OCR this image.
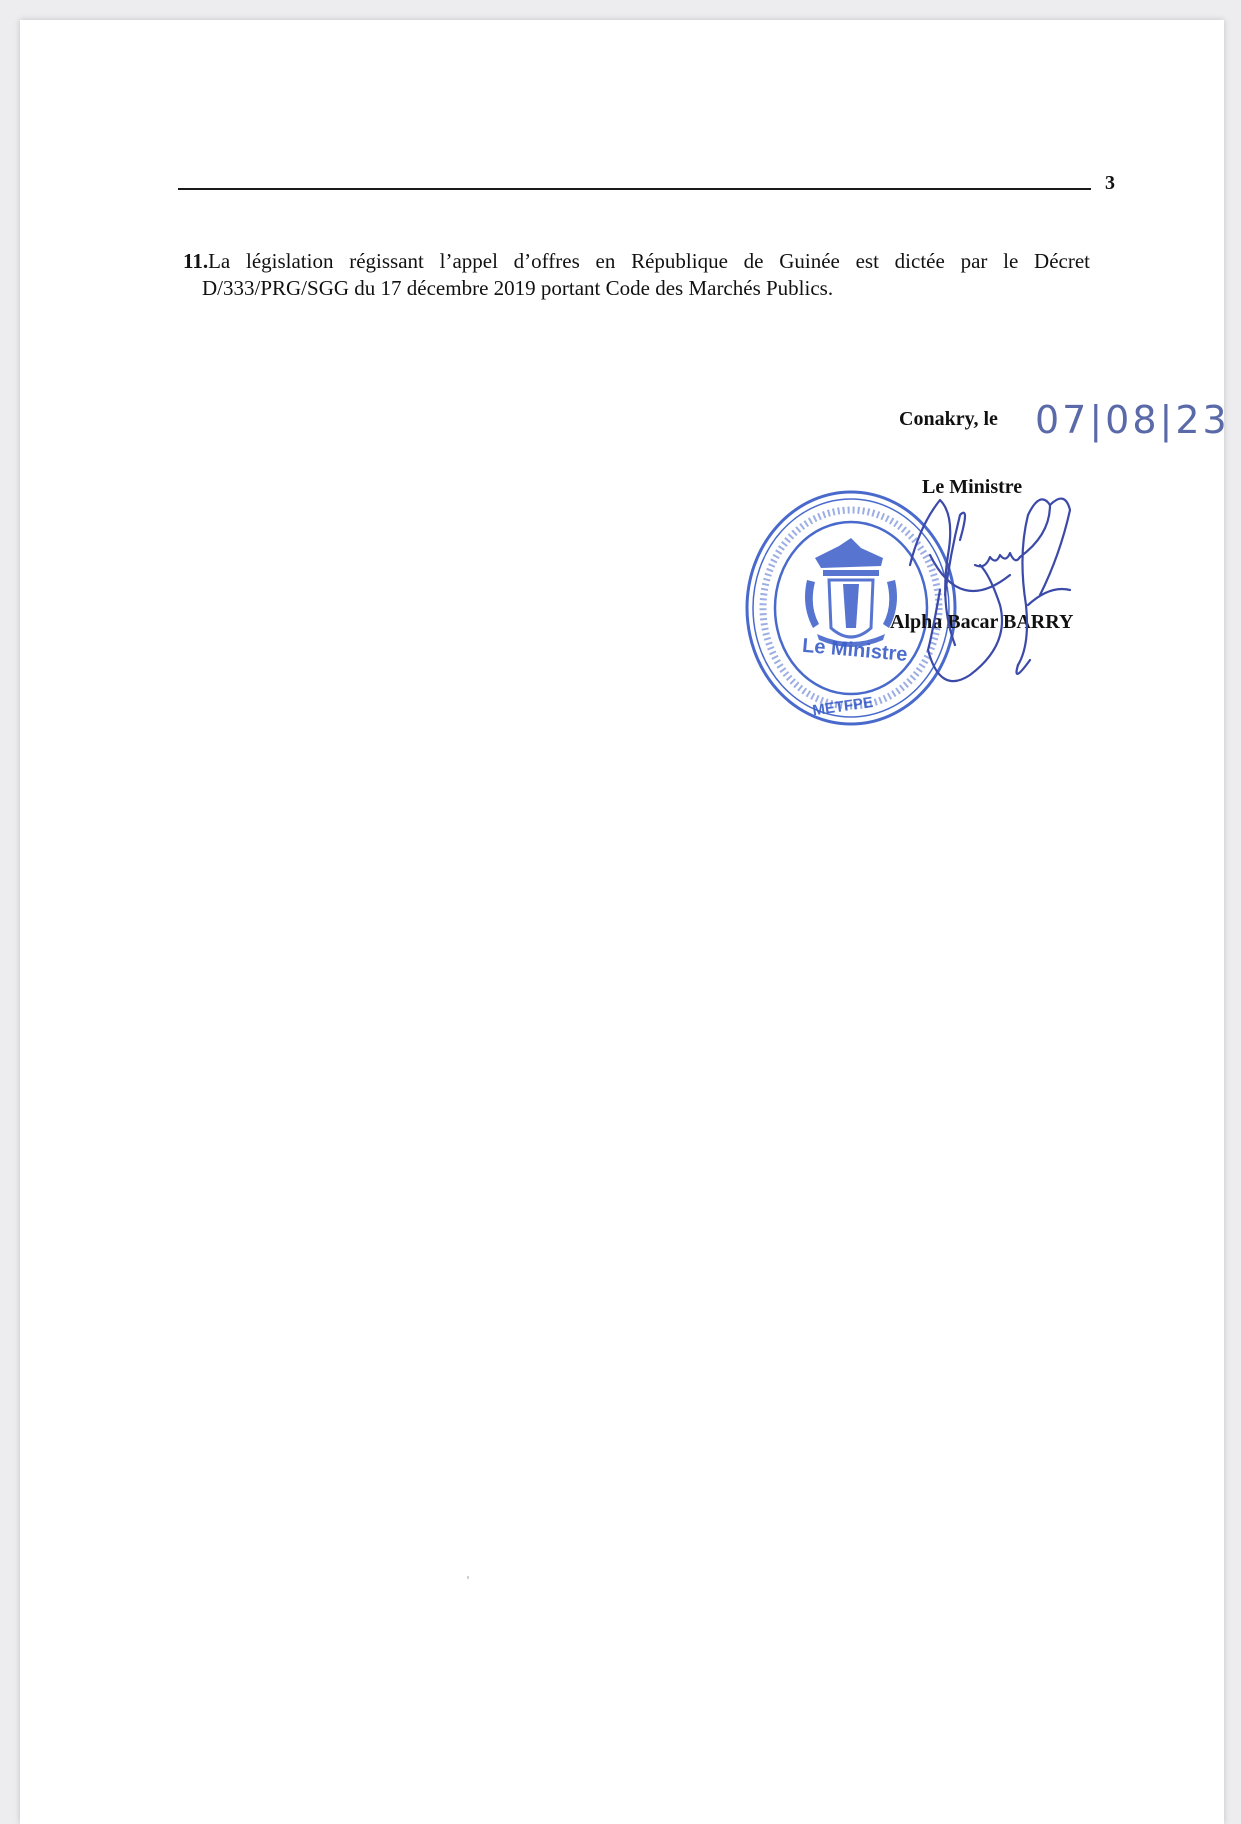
3
11.La législation régissant l’appel d’offres en République de Guinée est dictée par le Décret
D/333/PRG/SGG du 17 décembre 2019 portant Code des Marchés Publics.
Conakry, le 07|08|23
Le Ministre
Le Ministre
METFPE
Alpha Bacar BARRY
